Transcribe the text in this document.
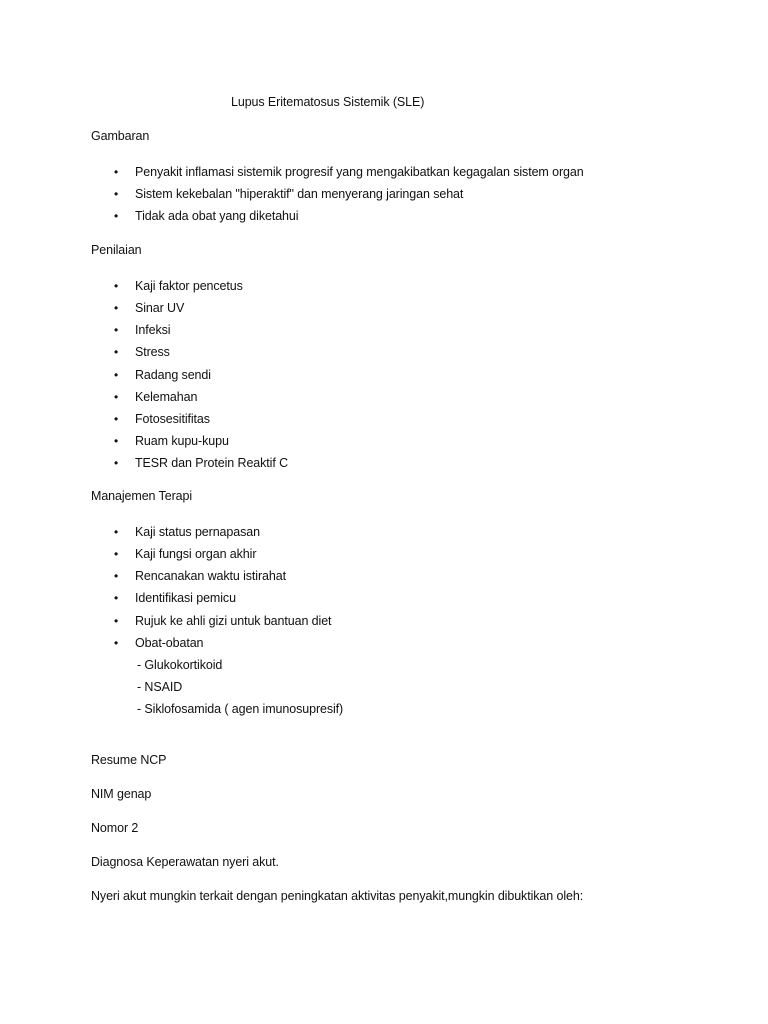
Lupus Eritematosus Sistemik (SLE)
Gambaran
• Penyakit inflamasi sistemik progresif yang mengakibatkan kegagalan sistem organ
• Sistem kekebalan "hiperaktif" dan menyerang jaringan sehat
• Tidak ada obat yang diketahui
Penilaian
• Kaji faktor pencetus
• Sinar UV
• Infeksi
• Stress
• Radang sendi
• Kelemahan
• Fotosesitifitas
• Ruam kupu-kupu
• TESR dan Protein Reaktif C
Manajemen Terapi
• Kaji status pernapasan
• Kaji fungsi organ akhir
• Rencanakan waktu istirahat
• Identifikasi pemicu
• Rujuk ke ahli gizi untuk bantuan diet
• Obat-obatan
- Glukokortikoid
- NSAID
- Siklofosamida ( agen imunosupresif)
Resume NCP
NIM genap
Nomor 2
Diagnosa Keperawatan nyeri akut.
Nyeri akut mungkin terkait dengan peningkatan aktivitas penyakit,mungkin dibuktikan oleh:
